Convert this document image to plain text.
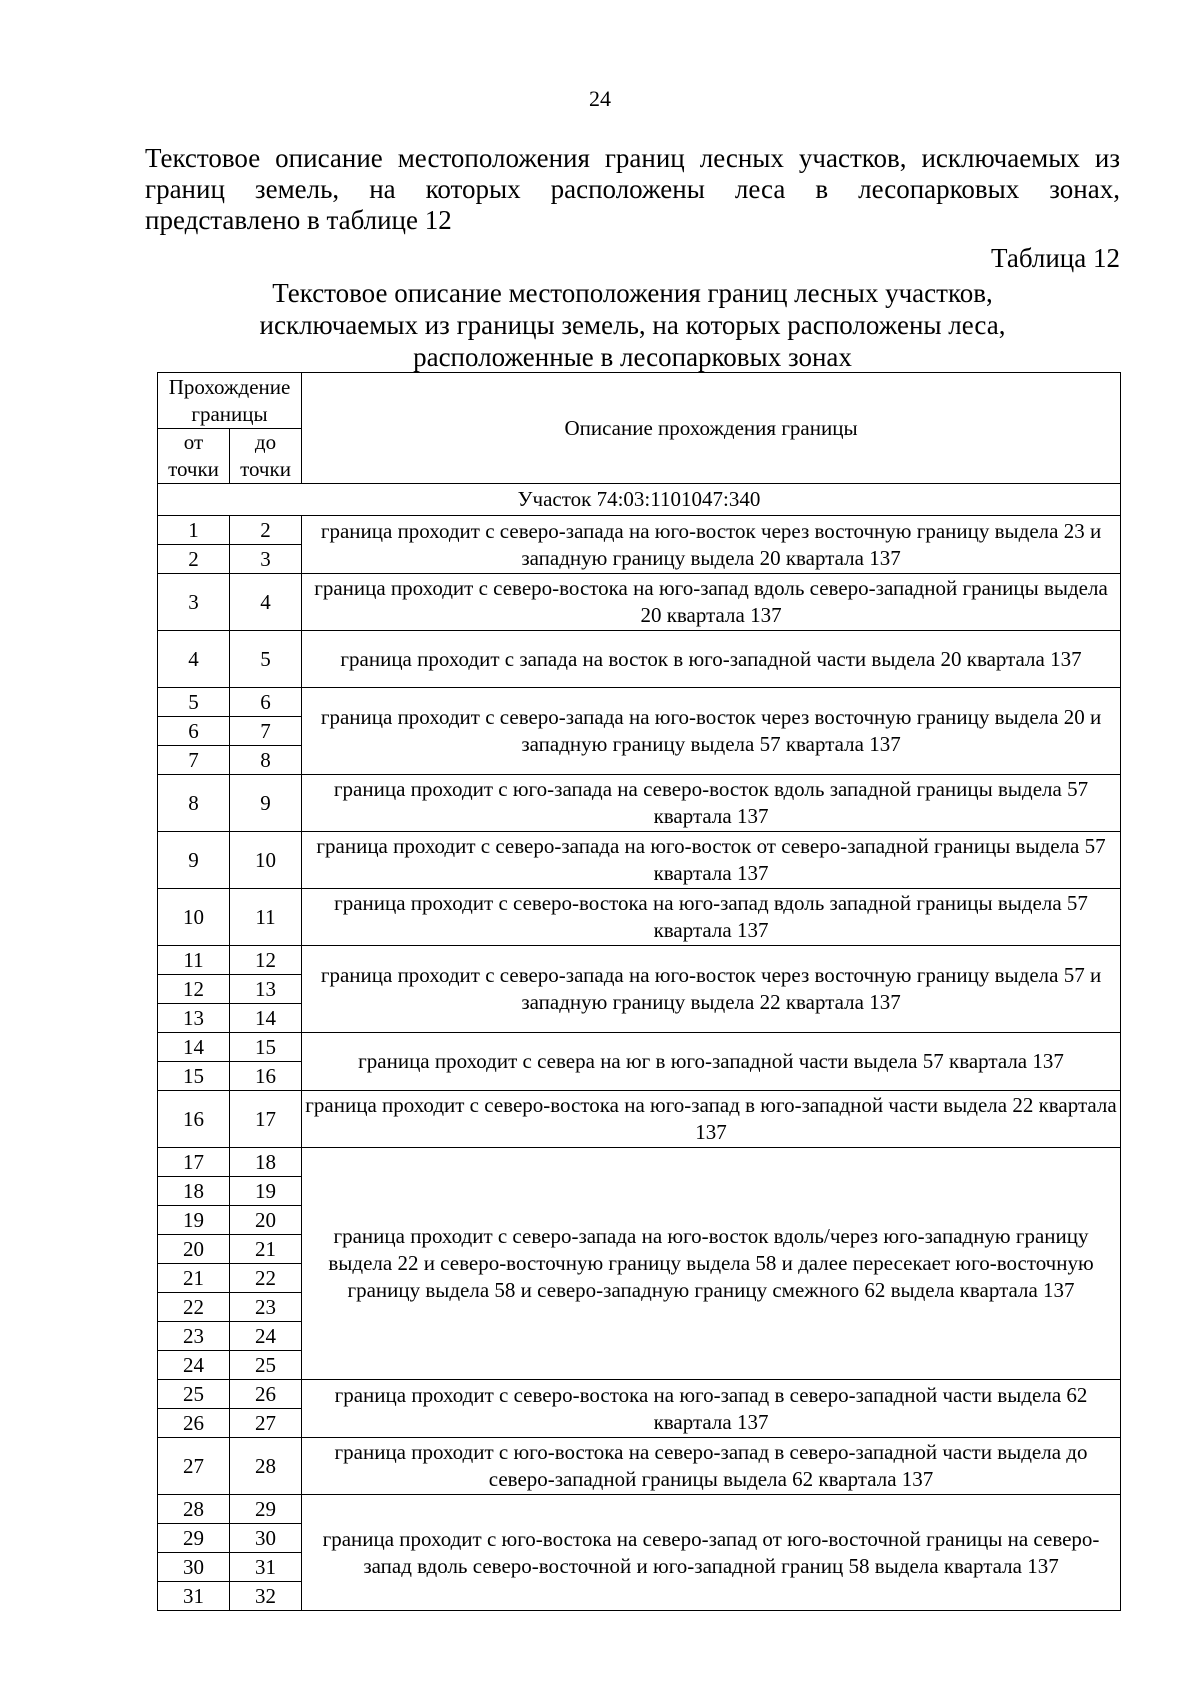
24
Текстовое описание местоположения границ лесных участков, исключаемых из
границ земель, на которых расположены леса в лесопарковых зонах,
представлено в таблице 12
Таблица 12
Текстовое описание местоположения границ лесных участков,
исключаемых из границы земель, на которых расположены леса,
расположенные в лесопарковых зонах
Прохождение границы		Описание прохождения границы
от точки	до точки	
Участок 74:03:1101047:340		
1	2	граница проходит с северо-запада на юго-восток через восточную границу выдела 23 и западную границу выдела 20 квартала 137
2	3	
3	4	граница проходит с северо-востока на юго-запад вдоль северо-западной границы выдела 20 квартала 137
4	5	граница проходит с запада на восток в юго-западной части выдела 20 квартала 137
5	6	граница проходит с северо-запада на юго-восток через восточную границу выдела 20 и западную границу выдела 57 квартала 137
6	7	
7	8	
8	9	граница проходит с юго-запада на северо-восток вдоль западной границы выдела 57 квартала 137
9	10	граница проходит с северо-запада на юго-восток от северо-западной границы выдела 57 квартала 137
10	11	граница проходит с северо-востока на юго-запад вдоль западной границы выдела 57 квартала 137
11	12	граница проходит с северо-запада на юго-восток через восточную границу выдела 57 и западную границу выдела 22 квартала 137
12	13	
13	14	
14	15	граница проходит с севера на юг в юго-западной части выдела 57 квартала 137
15	16	
16	17	граница проходит с северо-востока на юго-запад в юго-западной части выдела 22 квартала 137
17	18	граница проходит с северо-запада на юго-восток вдоль/через юго-западную границу выдела 22 и северо-восточную границу выдела 58 и далее пересекает юго-восточную границу выдела 58 и северо-западную границу смежного 62 выдела квартала 137
18	19	
19	20	
20	21	
21	22	
22	23	
23	24	
24	25	
25	26	граница проходит с северо-востока на юго-запад в северо-западной части выдела 62 квартала 137
26	27	
27	28	граница проходит с юго-востока на северо-запад в северо-западной части выдела до северо-западной границы выдела 62 квартала 137
28	29	граница проходит с юго-востока на северо-запад от юго-восточной границы на северо-запад вдоль северо-восточной и юго-западной границ 58 выдела квартала 137
29	30	
30	31	
31	32	
